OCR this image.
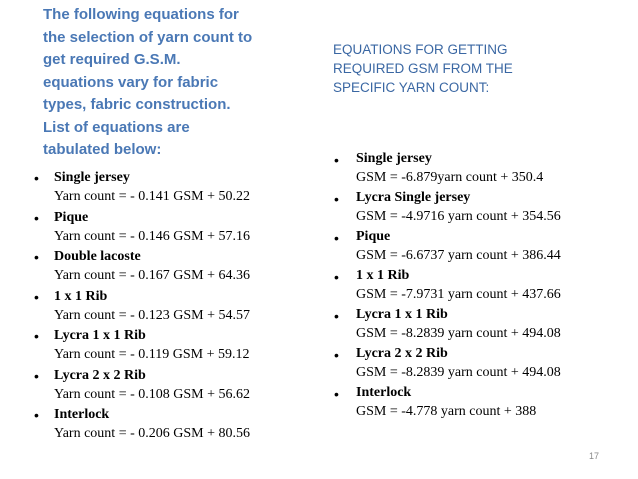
The following equations for
the selection of yarn count to
get required G.S.M.
equations vary for fabric
types, fabric construction.
List of equations are
tabulated below:
EQUATIONS FOR GETTING
REQUIRED GSM FROM THE
SPECIFIC YARN COUNT:
•	Single jersey
Yarn count = - 0.141 GSM + 50.22
•	Pique
Yarn count = - 0.146 GSM + 57.16
•	Double lacoste
Yarn count = - 0.167 GSM + 64.36
•	1 x 1 Rib
Yarn count = - 0.123 GSM + 54.57
•	Lycra 1 x 1 Rib
Yarn count = - 0.119 GSM + 59.12
•	Lycra 2 x 2 Rib
Yarn count = - 0.108 GSM + 56.62
•	Interlock
Yarn count = - 0.206 GSM + 80.56
•	Single jersey
GSM = -6.879yarn count + 350.4
•	Lycra Single jersey
GSM = -4.9716 yarn count + 354.56
•	Pique
GSM = -6.6737 yarn count + 386.44
•	1 x 1 Rib
GSM = -7.9731 yarn count + 437.66
•	Lycra 1 x 1 Rib
GSM = -8.2839 yarn count + 494.08
•	Lycra 2 x 2 Rib
GSM = -8.2839 yarn count + 494.08
•	Interlock
GSM = -4.778 yarn count + 388
17
